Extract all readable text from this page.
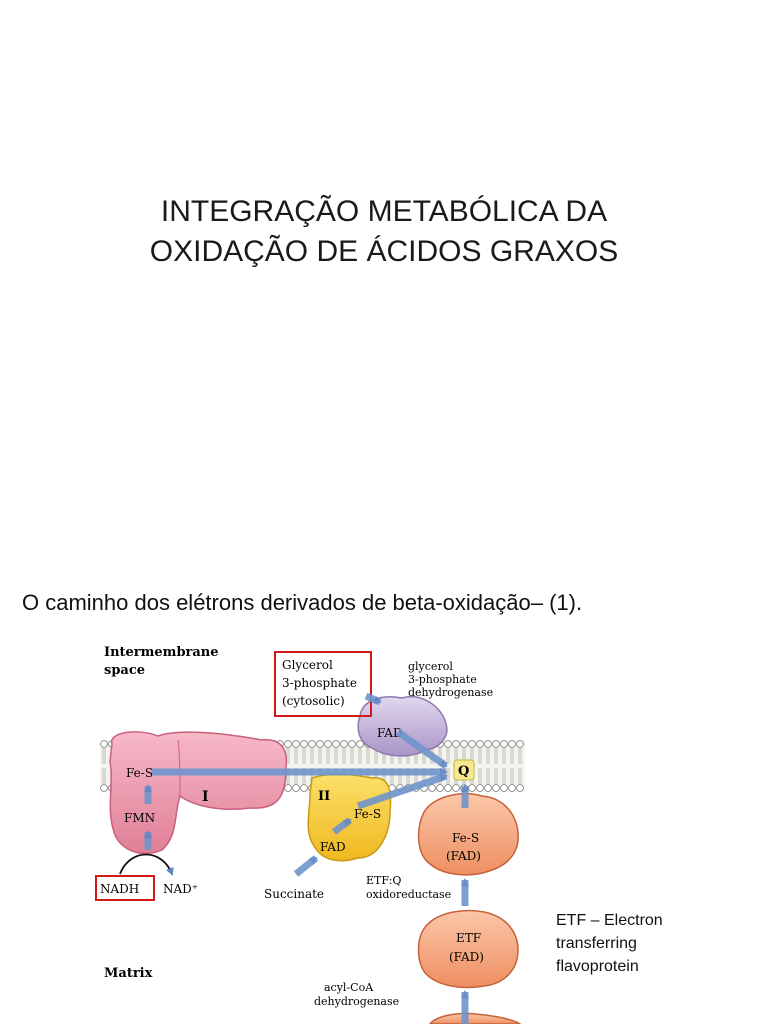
INTEGRAÇÃO METABÓLICA DA
OXIDAÇÃO DE ÁCIDOS GRAXOS
O caminho dos elétrons derivados de beta-oxidação– (1).
Intermembrane
space
Matrix
Fe-S
I
FMN
II
Fe-S
FAD
FAD
glycerol
3-phosphate
dehydrogenase
Glycerol
3-phosphate
(cytosolic)
Fe-S
(FAD)
ETF:Q
oxidoreductase
ETF
(FAD)
acyl-CoA
dehydrogenase
Q
NADH NAD⁺	Succinate
ETF – Electron
transferring
flavoprotein
